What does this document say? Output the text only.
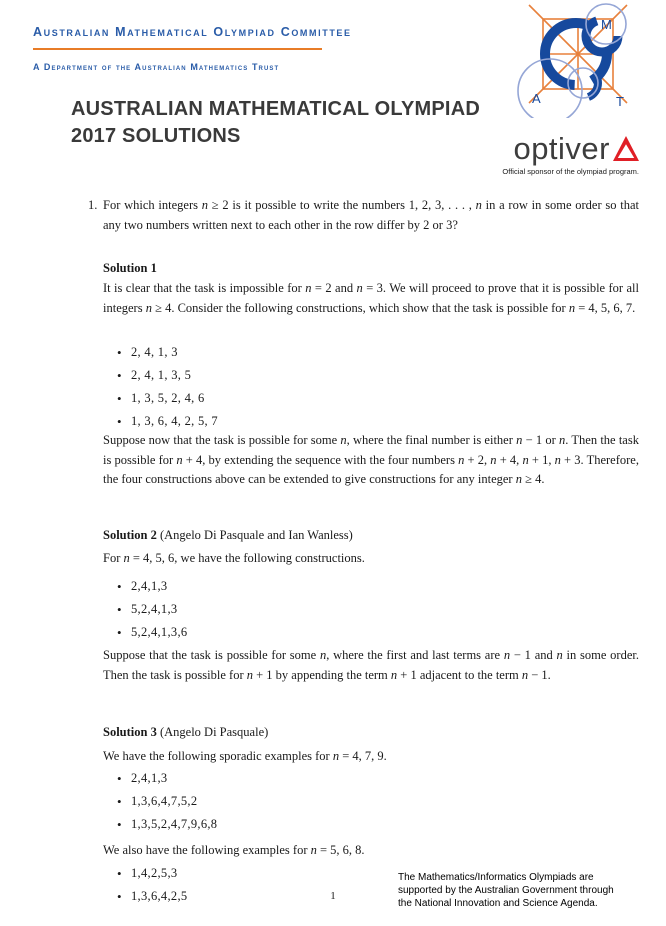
Australian Mathematical Olympiad Committee
A Department of the Australian Mathematics Trust
A
M
T
AUSTRALIAN MATHEMATICAL OLYMPIAD
2017 SOLUTIONS	optiver
Official sponsor of the olympiad program.
1. For which integers n ≥ 2 is it possible to write the numbers 1, 2, 3, . . . , n in a row in some order so that any two numbers written next to each other in the row differ by 2 or 3?
Solution 1
It is clear that the task is impossible for n = 2 and n = 3. We will proceed to prove that it is possible for all integers n ≥ 4. Consider the following constructions, which show that the task is possible for n = 4, 5, 6, 7.
• 2, 4, 1, 3
• 2, 4, 1, 3, 5
• 1, 3, 5, 2, 4, 6
• 1, 3, 6, 4, 2, 5, 7
Suppose now that the task is possible for some n, where the final number is either n − 1 or n. Then the task is possible for n + 4, by extending the sequence with the four numbers n + 2, n + 4, n + 1, n + 3. Therefore, the four constructions above can be extended to give constructions for any integer n ≥ 4.
Solution 2 (Angelo Di Pasquale and Ian Wanless)
For n = 4, 5, 6, we have the following constructions.
• 2,4,1,3
• 5,2,4,1,3
• 5,2,4,1,3,6
Suppose that the task is possible for some n, where the first and last terms are n − 1 and n in some order. Then the task is possible for n + 1 by appending the term n + 1 adjacent to the term n − 1.
Solution 3 (Angelo Di Pasquale)
We have the following sporadic examples for n = 4, 7, 9.
• 2,4,1,3
• 1,3,6,4,7,5,2
• 1,3,5,2,4,7,9,6,8
We also have the following examples for n = 5, 6, 8.
• 1,4,2,5,3
• 1,3,6,4,2,5	1
The Mathematics/Informatics Olympiads are
supported by the Australian Government through
the National Innovation and Science Agenda.
